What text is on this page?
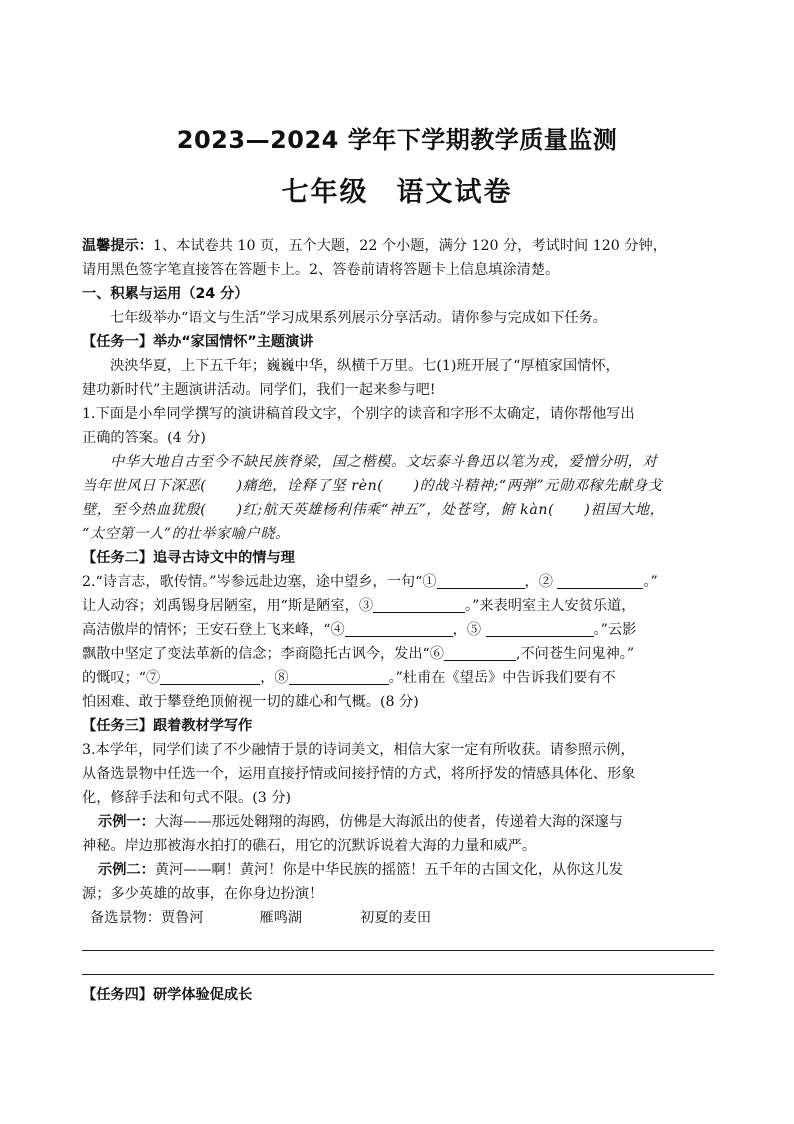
2023—2024 学年下学期教学质量监测
七年级 语文试卷
温馨提示：1、本试卷共 10 页，五个大题，22 个小题，满分 120 分，考试时间 120 分钟，
请用黑色签字笔直接答在答题卡上。2、答卷前请将答题卡上信息填涂清楚。
一、积累与运用（24 分）
七年级举办“语文与生活”学习成果系列展示分享活动。请你参与完成如下任务。
【任务一】举办“家国情怀”主题演讲
泱泱华夏，上下五千年；巍巍中华，纵横千万里。七(1)班开展了“厚植家国情怀，
建功新时代”主题演讲活动。同学们，我们一起来参与吧!
1.下面是小牟同学撰写的演讲稿首段文字，个别字的读音和字形不太确定，请你帮他写出
正确的答案。(4 分)
中华大地自古至今不缺民族脊梁，国之楷模。文坛泰斗鲁迅以笔为戎，爱憎分明，对
当年世风日下深恶( )痛绝，诠释了坚 rèn( )的战斗精神;“两弹”元勋邓稼先献身戈
壁，至今热血犹殷( )红;航天英雄杨利伟乘“神五”，处苍穹，俯 kàn( )祖国大地，
“太空第一人”的壮举家喻户晓。
【任务二】追寻古诗文中的情与理
2.“诗言志，歌传情。”岑参远赴边塞，途中望乡，一句“①	，②	。”
让人动容；刘禹锡身居陋室，用“斯是陋室，③	。”来表明室主人安贫乐道，
高洁傲岸的情怀；王安石登上飞来峰，“④	，⑤	。”云影
飘散中坚定了变法革新的信念；李商隐托古讽今，发出“⑥	,不问苍生问鬼神。”
的慨叹；“⑦	，⑧	。”杜甫在《望岳》中告诉我们要有不
怕困难、敢于攀登绝顶俯视一切的雄心和气概。(8 分)
【任务三】跟着教材学写作
3.本学年，同学们读了不少融情于景的诗词美文，相信大家一定有所收获。请参照示例，
从备选景物中任选一个，运用直接抒情或间接抒情的方式，将所抒发的情感具体化、形象
化，修辞手法和句式不限。(3 分)
示例一：大海——那远处翱翔的海鸥，仿佛是大海派出的使者，传递着大海的深邃与
神秘。岸边那被海水拍打的礁石，用它的沉默诉说着大海的力量和威严。
示例二：黄河——啊！黄河！你是中华民族的摇篮！五千年的古国文化，从你这儿发
源；多少英雄的故事，在你身边扮演！
备选景物：贾鲁河	雁鸣湖	初夏的麦田
【任务四】研学体验促成长
